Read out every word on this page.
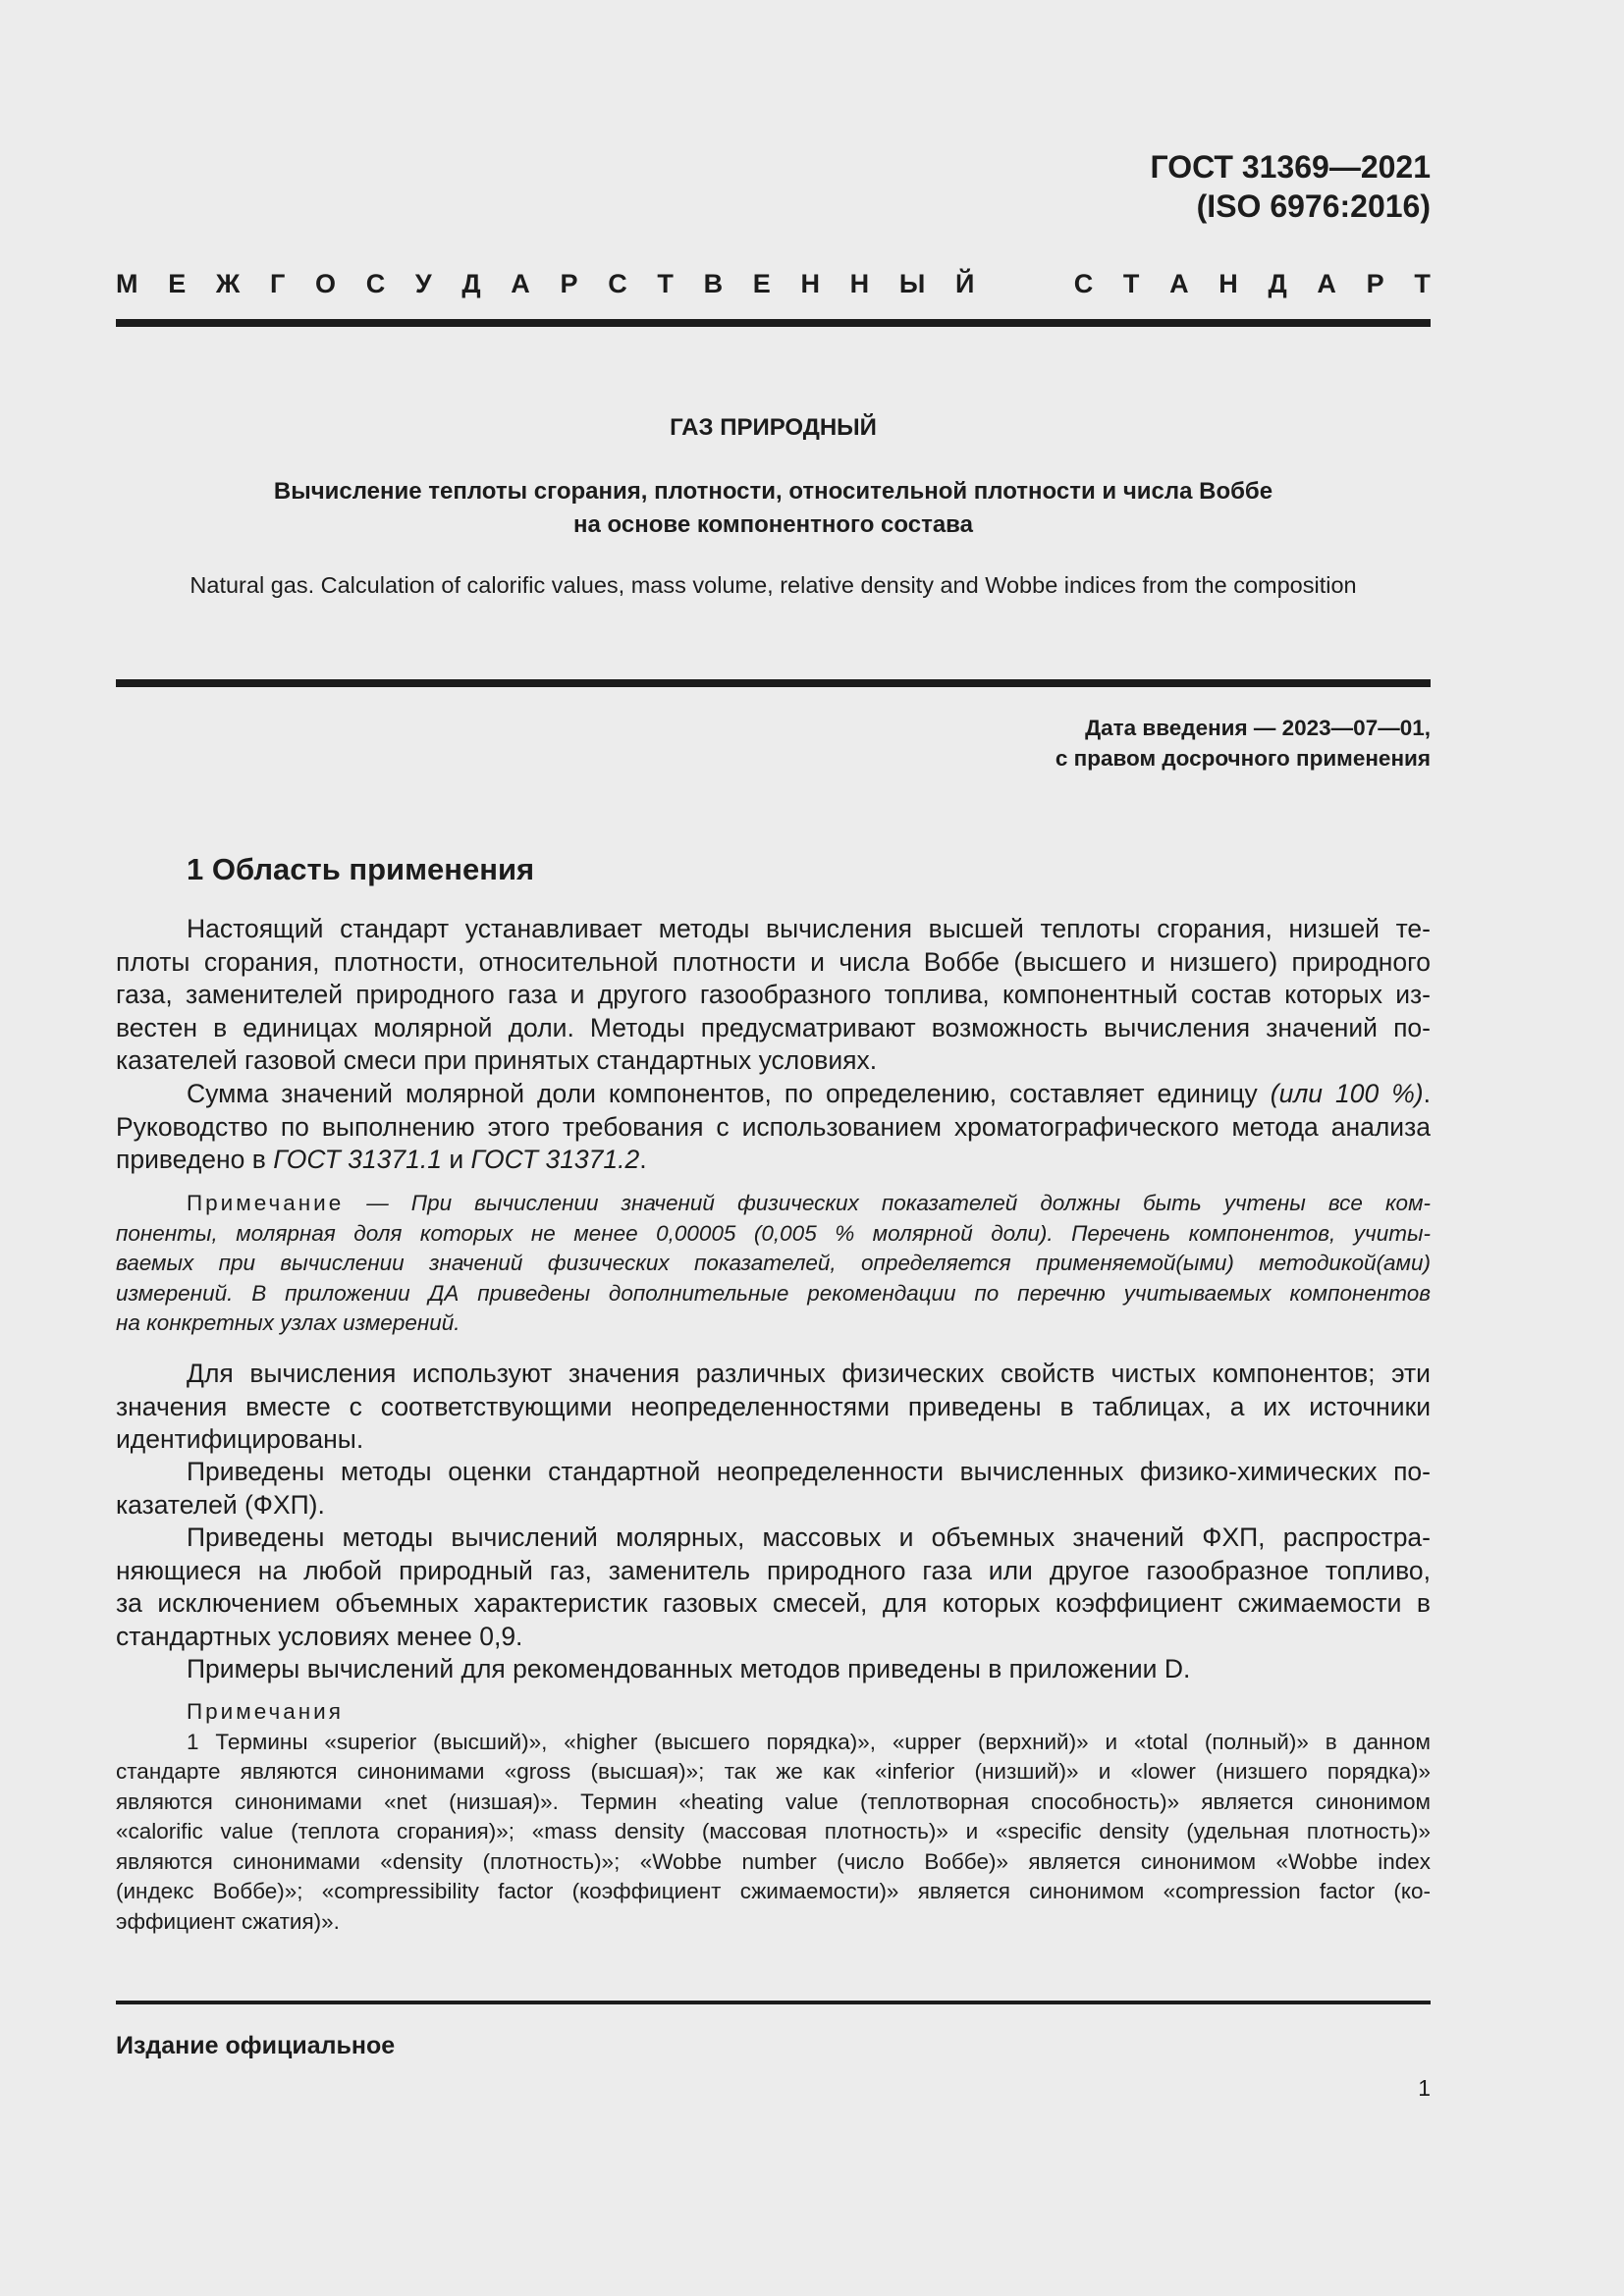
ГОСТ 31369—2021
(ISO 6976:2016)
М Е Ж Г О С У Д А Р С Т В Е Н Н Ы Й	С Т А Н Д А Р Т
ГАЗ ПРИРОДНЫЙ
Вычисление теплоты сгорания, плотности, относительной плотности и числа Воббе
на основе компонентного состава
Natural gas. Calculation of calorific values, mass volume, relative density and Wobbe indices from the composition
Дата введения — 2023—07—01,
с правом досрочного применения
1 Область применения
Настоящий стандарт устанавливает методы вычисления высшей теплоты сгорания, низшей те-
плоты сгорания, плотности, относительной плотности и числа Воббе (высшего и низшего) природного
газа, заменителей природного газа и другого газообразного топлива, компонентный состав которых из-
вестен в единицах молярной доли. Методы предусматривают возможность вычисления значений по-
казателей газовой смеси при принятых стандартных условиях.
Сумма значений молярной доли компонентов, по определению, составляет единицу (или 100 %).
Руководство по выполнению этого требования с использованием хроматографического метода анализа
приведено в ГОСТ 31371.1 и ГОСТ 31371.2.
Примечание — При вычислении значений физических показателей должны быть учтены все ком-
поненты, молярная доля которых не менее 0,00005 (0,005 % молярной доли). Перечень компонентов, учиты-
ваемых при вычислении значений физических показателей, определяется применяемой(ыми) методикой(ами)
измерений. В приложении ДА приведены дополнительные рекомендации по перечню учитываемых компонентов
на конкретных узлах измерений.
Для вычисления используют значения различных физических свойств чистых компонентов; эти
значения вместе с соответствующими неопределенностями приведены в таблицах, а их источники
идентифицированы.
Приведены методы оценки стандартной неопределенности вычисленных физико-химических по-
казателей (ФХП).
Приведены методы вычислений молярных, массовых и объемных значений ФХП, распростра-
няющиеся на любой природный газ, заменитель природного газа или другое газообразное топливо,
за исключением объемных характеристик газовых смесей, для которых коэффициент сжимаемости в
стандартных условиях менее 0,9.
Примеры вычислений для рекомендованных методов приведены в приложении D.
Примечания
1 Термины «superior (высший)», «higher (высшего порядка)», «upper (верхний)» и «total (полный)» в данном
стандарте являются синонимами «gross (высшая)»; так же как «inferior (низший)» и «lower (низшего порядка)»
являются синонимами «net (низшая)». Термин «heating value (теплотворная способность)» является синонимом
«calorific value (теплота сгорания)»; «mass density (массовая плотность)» и «specific density (удельная плотность)»
являются синонимами «density (плотность)»; «Wobbe number (число Воббе)» является синонимом «Wobbe index
(индекс Воббе)»; «compressibility factor (коэффициент сжимаемости)» является синонимом «compression factor (ко-
эффициент сжатия)».
Издание официальное
1
